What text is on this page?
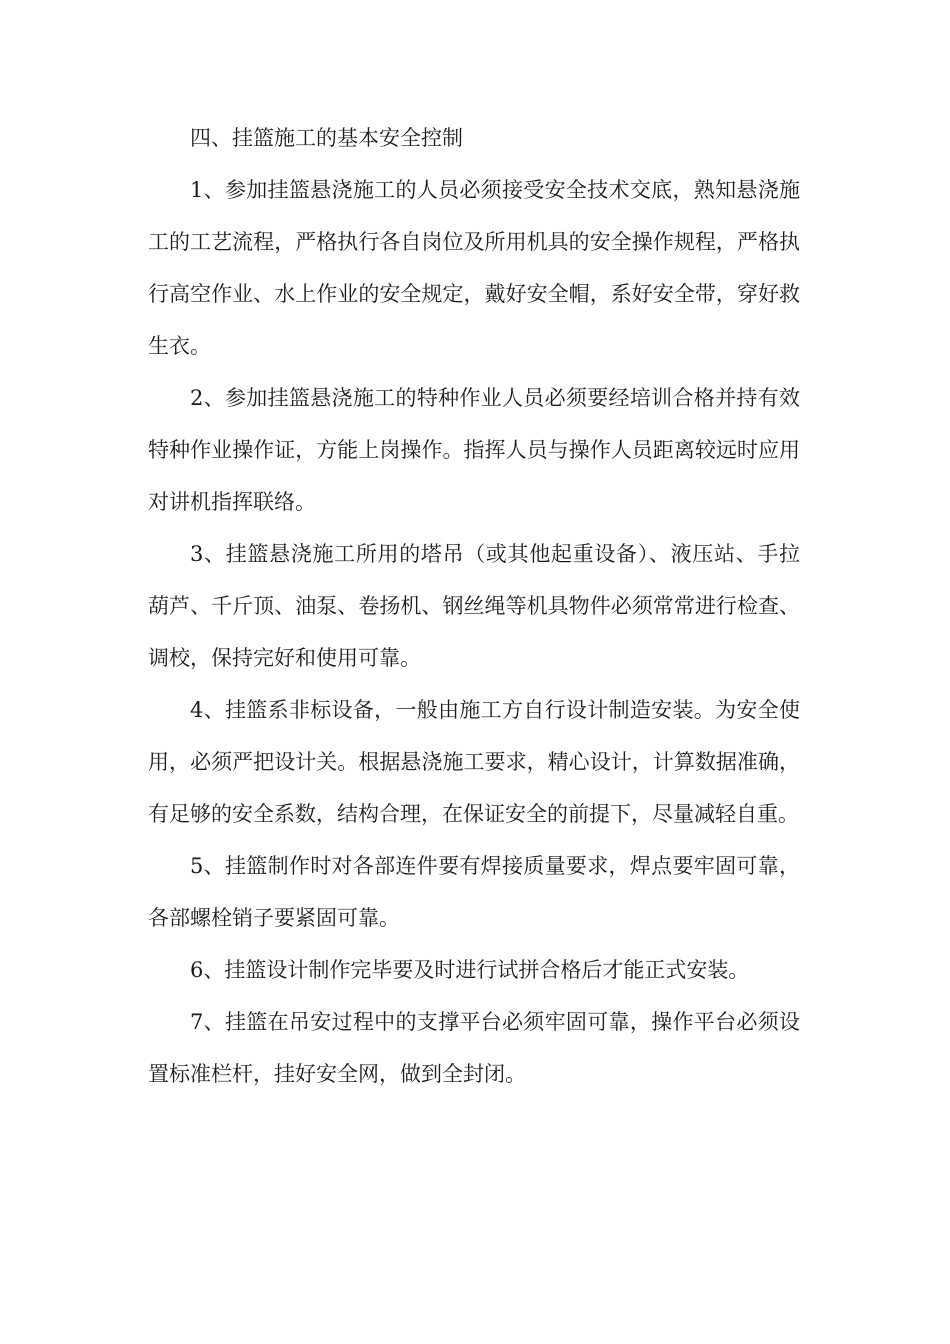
四、挂篮施工的基本安全控制

1、参加挂篮悬浇施工的人员必须接受安全技术交底，熟知悬浇施工的工艺流程，严格执行各自岗位及所用机具的安全操作规程，严格执行高空作业、水上作业的安全规定，戴好安全帽，系好安全带，穿好救生衣。

2、参加挂篮悬浇施工的特种作业人员必须要经培训合格并持有效特种作业操作证，方能上岗操作。指挥人员与操作人员距离较远时应用对讲机指挥联络。

3、挂篮悬浇施工所用的塔吊（或其他起重设备）、液压站、手拉葫芦、千斤顶、油泵、卷扬机、钢丝绳等机具物件必须常常进行检查、调校，保持完好和使用可靠。

4、挂篮系非标设备，一般由施工方自行设计制造安装。为安全使用，必须严把设计关。根据悬浇施工要求，精心设计，计算数据准确，有足够的安全系数，结构合理，在保证安全的前提下，尽量减轻自重。

5、挂篮制作时对各部连件要有焊接质量要求，焊点要牢固可靠，各部螺栓销子要紧固可靠。

6、挂篮设计制作完毕要及时进行试拼合格后才能正式安装。

7、挂篮在吊安过程中的支撑平台必须牢固可靠，操作平台必须设置标准栏杆，挂好安全网，做到全封闭。
